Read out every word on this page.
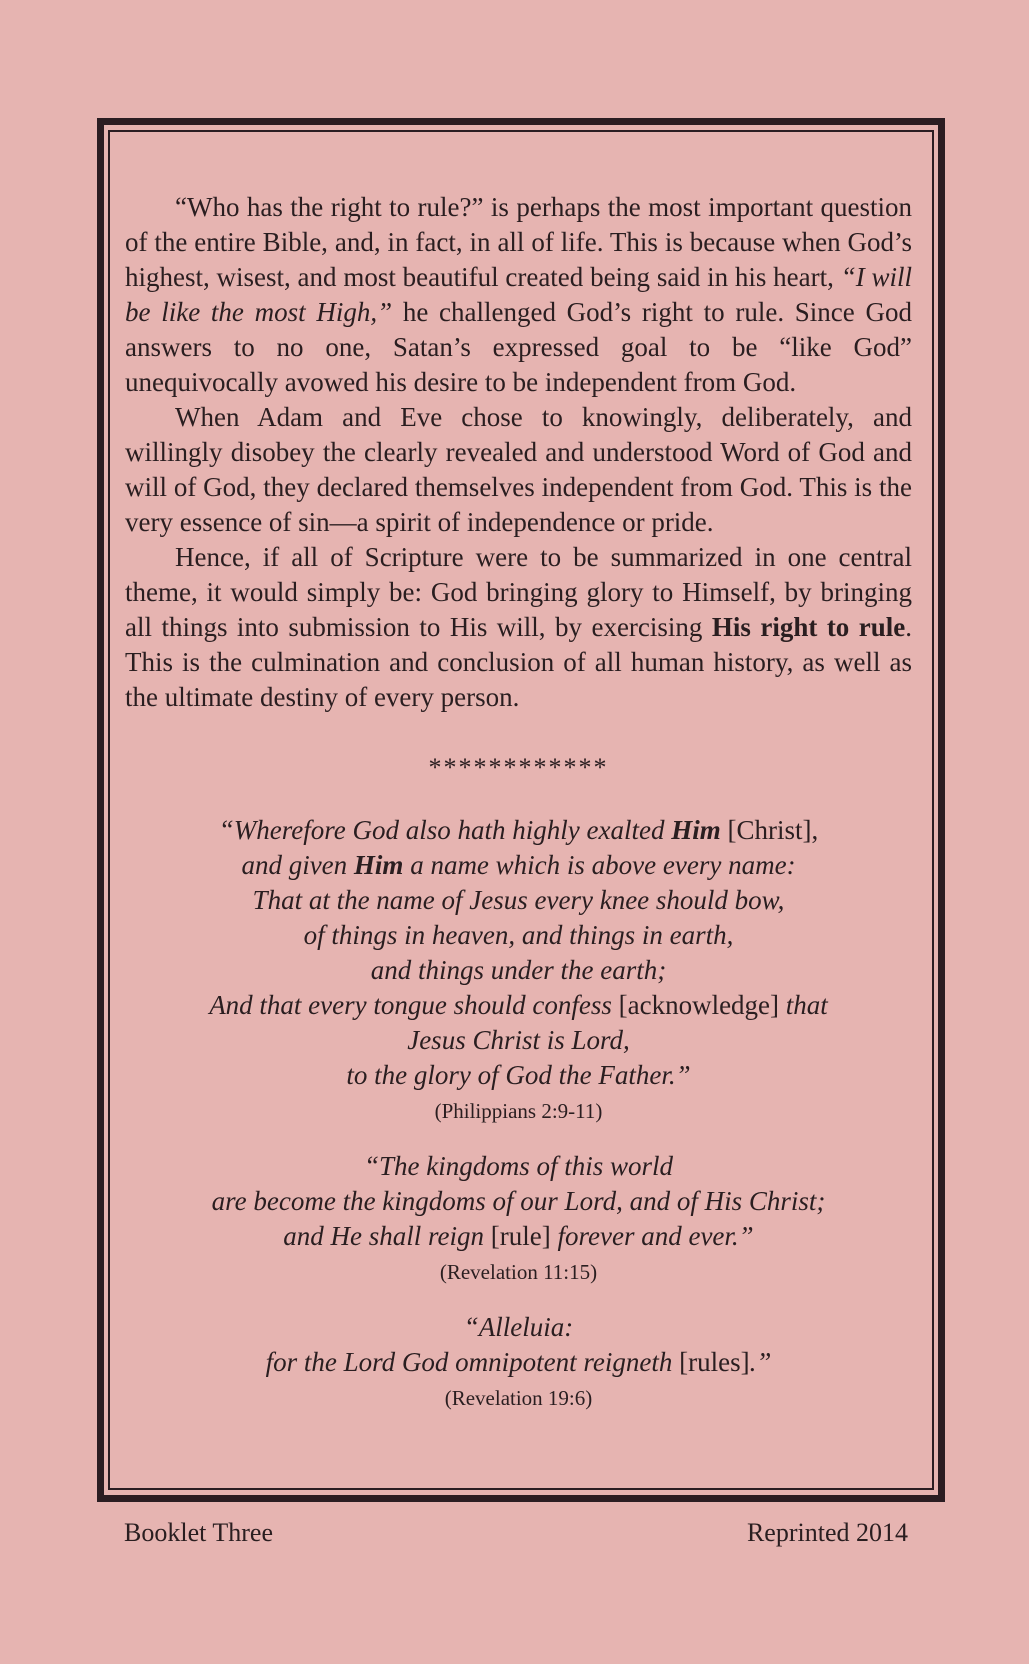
“Who has the right to rule?” is perhaps the most important question of the entire Bible, and, in fact, in all of life. This is because when God’s highest, wisest, and most beautiful created being said in his heart, “I will be like the most High,” he challenged God’s right to rule. Since God answers to no one, Satan’s expressed goal to be “like God” unequivocally avowed his desire to be independent from God.

When Adam and Eve chose to knowingly, deliberately, and willingly disobey the clearly revealed and understood Word of God and will of God, they declared themselves independent from God. This is the very essence of sin—a spirit of independence or pride.

Hence, if all of Scripture were to be summarized in one central theme, it would simply be: God bringing glory to Himself, by bringing all things into submission to His will, by exercising His right to rule. This is the culmination and conclusion of all human history, as well as the ultimate destiny of every person.

************

“Wherefore God also hath highly exalted Him [Christ],

and given Him a name which is above every name:

That at the name of Jesus every knee should bow,

of things in heaven, and things in earth,

and things under the earth;

And that every tongue should confess [acknowledge] that

Jesus Christ is Lord,

to the glory of God the Father.”

(Philippians 2:9-11)

“The kingdoms of this world

are become the kingdoms of our Lord, and of His Christ;

and He shall reign [rule] forever and ever.”

(Revelation 11:15)

“Alleluia:

for the Lord God omnipotent reigneth [rules].”

(Revelation 19:6)

Booklet Three	Reprinted 2014
